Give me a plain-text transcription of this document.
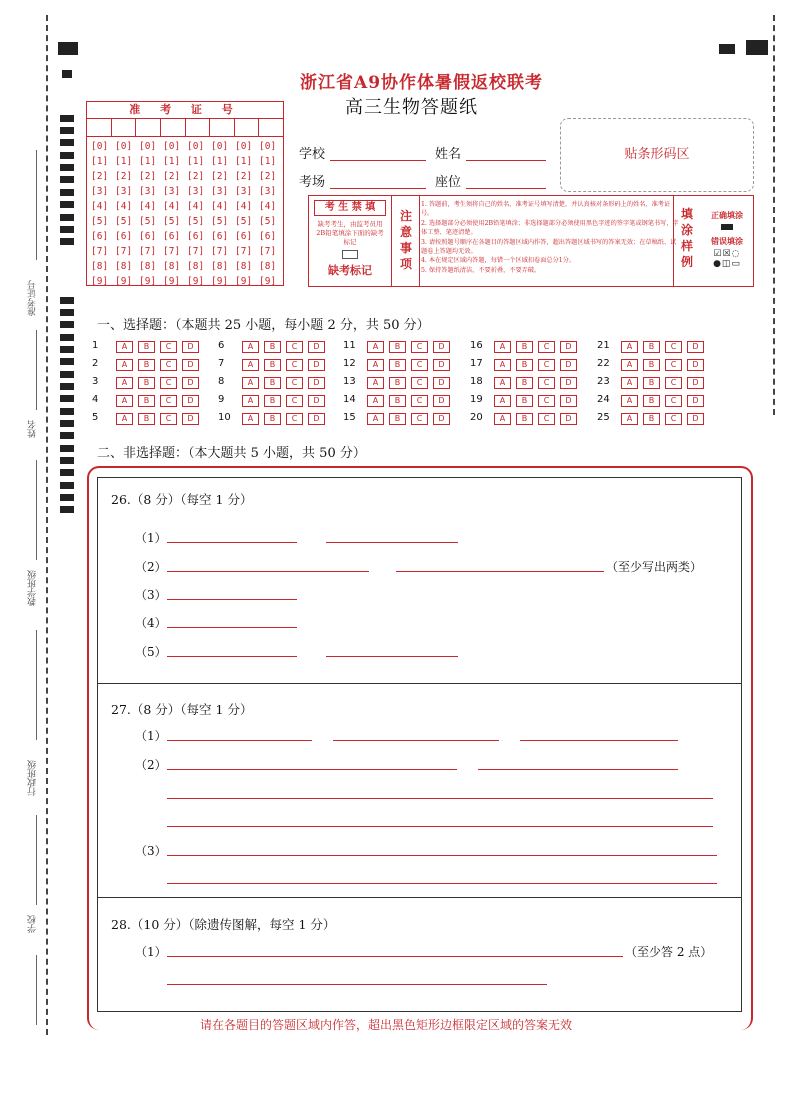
准考证号
姓名
教学班级
行政班级
学校
浙江省A9协作体暑假返校联考
高三生物答题纸
准 考 证 号
[0] [0] [0] [0] [0] [0] [0] [0]
[1] [1] [1] [1] [1] [1] [1] [1]
[2] [2] [2] [2] [2] [2] [2] [2]
[3] [3] [3] [3] [3] [3] [3] [3]
[4] [4] [4] [4] [4] [4] [4] [4]
[5] [5] [5] [5] [5] [5] [5] [5]
[6] [6] [6] [6] [6] [6] [6] [6]
[7] [7] [7] [7] [7] [7] [7] [7]
[8] [8] [8] [8] [8] [8] [8] [8]
[9] [9] [9] [9] [9] [9] [9] [9]
学校	姓名
考场	座位
贴条形码区
考 生 禁 填
缺考考生，由监考员用2B铅笔填涂下面的缺考标记
缺考标记
注
意
事
项
1. 答题前，考生须将自己的姓名、准考证号填写清楚，并认真核对条形码上的姓名、准考证号。
2. 选择题部分必须使用2B铅笔填涂；非选择题部分必须使用黑色字迹的签字笔或钢笔书写，字体工整、笔迹清楚。
3. 请按照题号顺序在各题目的答题区域内作答，超出答题区域书写的答案无效；在草稿纸、试题卷上答题均无效。
4. 本在规定区域内答题，每错一个区域扣卷面总分1分。
5. 保持答题纸清洁，不要折叠，不要弄破。
填
涂
样
例
正确填涂
错误填涂
☑☒◌
●◫▭
一、选择题：（本题共 25 小题，每小题 2 分，共 50 分）
1	A	B	C	D
2	A	B	C	D
3	A	B	C	D
4	A	B	C	D
5	A	B	C	D
6	A	B	C	D
7	A	B	C	D
8	A	B	C	D
9	A	B	C	D
10	A	B	C	D
11	A	B	C	D
12	A	B	C	D
13	A	B	C	D
14	A	B	C	D
15	A	B	C	D
16	A	B	C	D
17	A	B	C	D
18	A	B	C	D
19	A	B	C	D
20	A	B	C	D
21	A	B	C	D
22	A	B	C	D
23	A	B	C	D
24	A	B	C	D
25	A	B	C	D
二、非选择题：（本大题共 5 小题，共 50 分）
26.（8 分）（每空 1 分）
（1）
（2）	（至少写出两类）
（3）
（4）
（5）
27.（8 分）（每空 1 分）
（1）
（2）
（3）
28.（10 分）（除遗传图解，每空 1 分）
（1）	（至少答 2 点）
请在各题目的答题区域内作答，超出黑色矩形边框限定区域的答案无效
